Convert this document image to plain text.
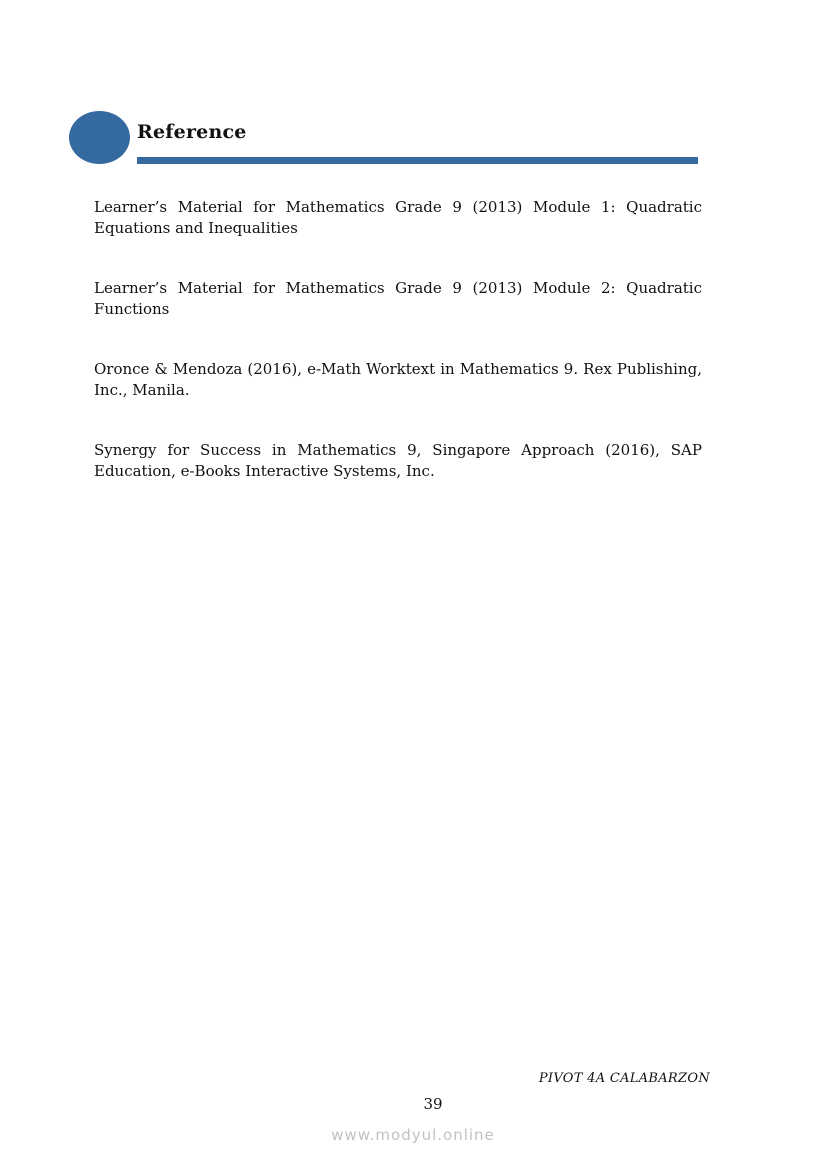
Reference
Learner’s Material for Mathematics Grade 9 (2013) Module 1: Quadratic Equations and Inequalities
Learner’s Material for Mathematics Grade 9 (2013) Module 2: Quadratic Functions
Oronce & Mendoza (2016), e-Math Worktext in Mathematics 9. Rex Publishing, Inc., Manila.
Synergy for Success in Mathematics 9, Singapore Approach (2016), SAP Education, e-Books Interactive Systems, Inc.
PIVOT 4A CALABARZON
39
www.modyul.online
